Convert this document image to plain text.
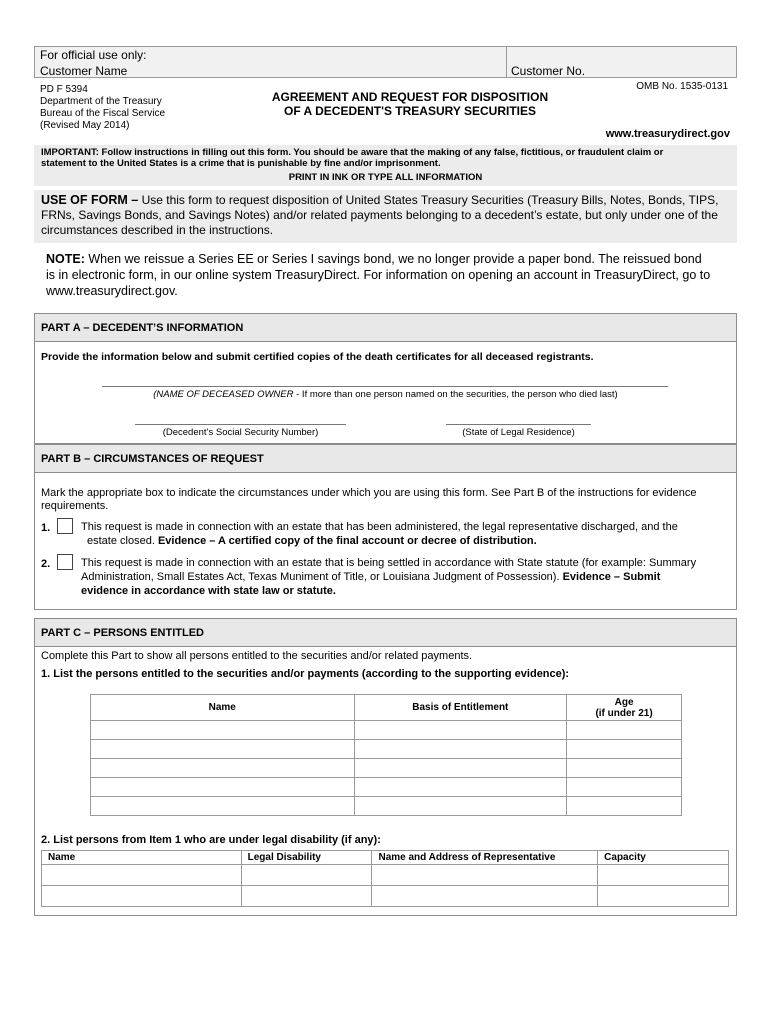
For official use only:
Customer Name	Customer No.
PD F 5394
Department of the Treasury
Bureau of the Fiscal Service
(Revised May 2014)
AGREEMENT AND REQUEST FOR DISPOSITION
OF A DECEDENT'S TREASURY SECURITIES
OMB No. 1535-0131
www.treasurydirect.gov
IMPORTANT: Follow instructions in filling out this form. You should be aware that the making of any false, fictitious, or fraudulent claim or
statement to the United States is a crime that is punishable by fine and/or imprisonment.
PRINT IN INK OR TYPE ALL INFORMATION
USE OF FORM – Use this form to request disposition of United States Treasury Securities (Treasury Bills, Notes, Bonds, TIPS,
FRNs, Savings Bonds, and Savings Notes) and/or related payments belonging to a decedent’s estate, but only under one of the
circumstances described in the instructions.
NOTE: When we reissue a Series EE or Series I savings bond, we no longer provide a paper bond. The reissued bond
is in electronic form, in our online system TreasuryDirect. For information on opening an account in TreasuryDirect, go to
www.treasurydirect.gov.
PART A – DECEDENT’S INFORMATION
Provide the information below and submit certified copies of the death certificates for all deceased registrants.
(NAME OF DECEASED OWNER - If more than one person named on the securities, the person who died last)
(Decedent’s Social Security Number)	(State of Legal Residence)
PART B – CIRCUMSTANCES OF REQUEST
Mark the appropriate box to indicate the circumstances under which you are using this form. See Part B of the instructions for evidence
requirements.
1.	This request is made in connection with an estate that has been administered, the legal representative discharged, and the
estate closed. Evidence – A certified copy of the final account or decree of distribution.
2.	This request is made in connection with an estate that is being settled in accordance with State statute (for example: Summary
Administration, Small Estates Act, Texas Muniment of Title, or Louisiana Judgment of Possession). Evidence – Submit
evidence in accordance with state law or statute.
PART C – PERSONS ENTITLED
Complete this Part to show all persons entitled to the securities and/or related payments.
1. List the persons entitled to the securities and/or payments (according to the supporting evidence):
Name	Basis of Entitlement	Age
(if under 21)

2. List persons from Item 1 who are under legal disability (if any):
Name	Legal Disability	Name and Address of Representative	Capacity
